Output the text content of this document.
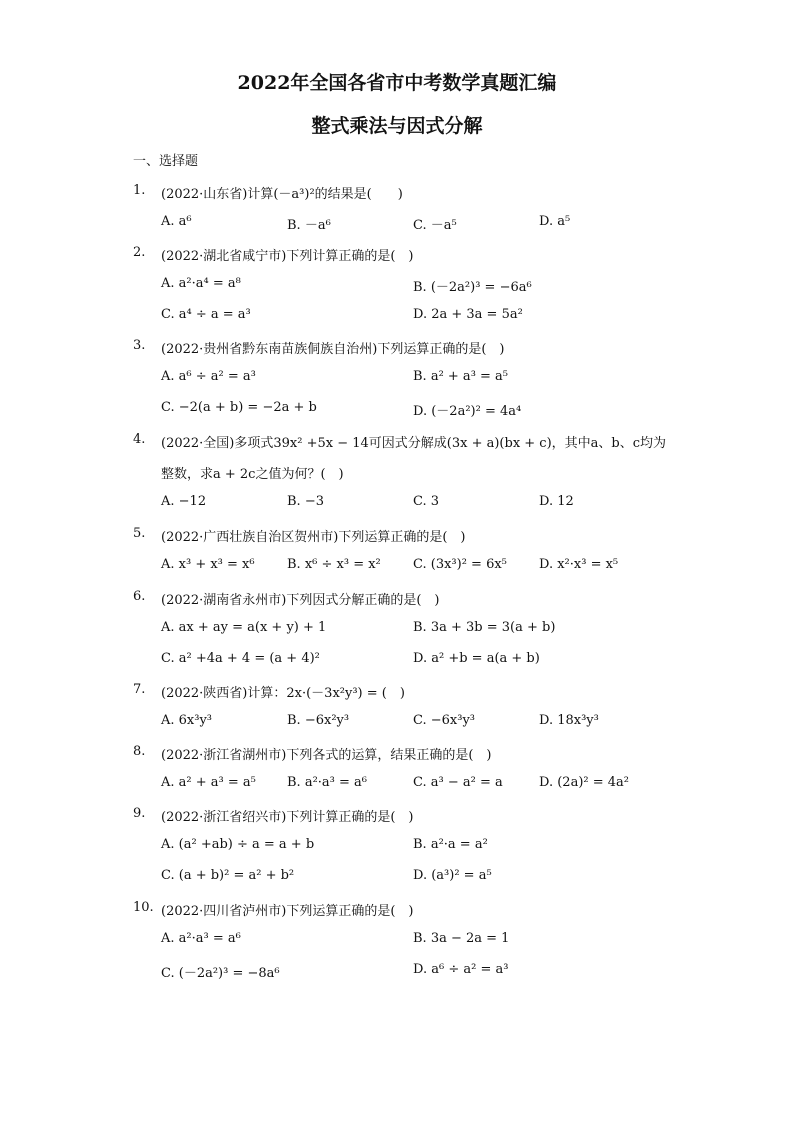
2022年全国各省市中考数学真题汇编
整式乘法与因式分解
一、选择题
1. (2022·山东省)计算(－a³)²的结果是(　　)
A. a⁶	B. －a⁶	C. －a⁵	D. a⁵
2. (2022·湖北省咸宁市)下列计算正确的是(　)
A. a²·a⁴ = a⁸	B. (－2a²)³ = −6a⁶
C. a⁴ ÷ a = a³	D. 2a + 3a = 5a²
3. (2022·贵州省黔东南苗族侗族自治州)下列运算正确的是(　)
A. a⁶ ÷ a² = a³	B. a² + a³ = a⁵
C. −2(a + b) = −2a + b	D. (－2a²)² = 4a⁴
4. (2022·全国)多项式39x² +5x − 14可因式分解成(3x + a)(bx + c)，其中a、b、c均为
整数，求a + 2c之值为何？(　)
A. −12	B. −3	C. 3	D. 12
5. (2022·广西壮族自治区贺州市)下列运算正确的是(　)
A. x³ + x³ = x⁶ B. x⁶ ÷ x³ = x² C. (3x³)² = 6x⁵ D. x²·x³ = x⁵
6. (2022·湖南省永州市)下列因式分解正确的是(　)
A. ax + ay = a(x + y) + 1	B. 3a + 3b = 3(a + b)
C. a² +4a + 4 = (a + 4)²	D. a² +b = a(a + b)
7. (2022·陕西省)计算：2x·(－3x²y³) = (　)
A. 6x³y³	B. −6x²y³	C. −6x³y³	D. 18x³y³
8. (2022·浙江省湖州市)下列各式的运算，结果正确的是(　)
A. a² + a³ = a⁵ B. a²·a³ = a⁶	C. a³ − a² = a	D. (2a)² = 4a²
9. (2022·浙江省绍兴市)下列计算正确的是(　)
A. (a² +ab) ÷ a = a + b	B. a²·a = a²
C. (a + b)² = a² + b²	D. (a³)² = a⁵
10. (2022·四川省泸州市)下列运算正确的是(　)
A. a²·a³ = a⁶	B. 3a − 2a = 1
C. (－2a²)³ = −8a⁶	D. a⁶ ÷ a² = a³
